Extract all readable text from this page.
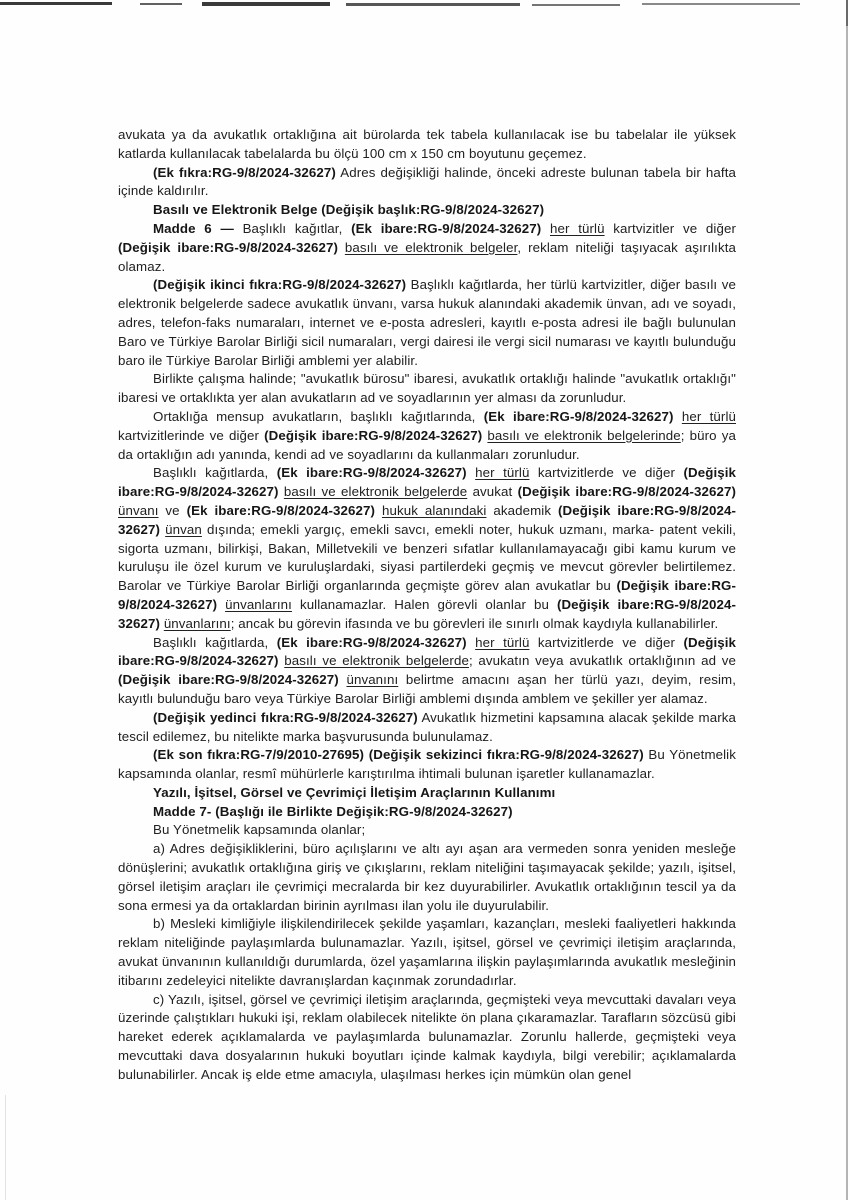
avukata ya da avukatlık ortaklığına ait bürolarda tek tabela kullanılacak ise bu tabelalar ile yüksek katlarda kullanılacak tabelalarda bu ölçü 100 cm x 150 cm boyutunu geçemez.

(Ek fıkra:RG-9/8/2024-32627) Adres değişikliği halinde, önceki adreste bulunan tabela bir hafta içinde kaldırılır.

Basılı ve Elektronik Belge (Değişik başlık:RG-9/8/2024-32627)

Madde 6 — Başlıklı kağıtlar, (Ek ibare:RG-9/8/2024-32627) her türlü kartvizitler ve diğer (Değişik ibare:RG-9/8/2024-32627) basılı ve elektronik belgeler, reklam niteliği taşıyacak aşırılıkta olamaz.

(Değişik ikinci fıkra:RG-9/8/2024-32627) Başlıklı kağıtlarda, her türlü kartvizitler, diğer basılı ve elektronik belgelerde sadece avukatlık ünvanı, varsa hukuk alanındaki akademik ünvan, adı ve soyadı, adres, telefon-faks numaraları, internet ve e-posta adresleri, kayıtlı e-posta adresi ile bağlı bulunulan Baro ve Türkiye Barolar Birliği sicil numaraları, vergi dairesi ile vergi sicil numarası ve kayıtlı bulunduğu baro ile Türkiye Barolar Birliği amblemi yer alabilir.

Birlikte çalışma halinde; "avukatlık bürosu" ibaresi, avukatlık ortaklığı halinde "avukatlık ortaklığı" ibaresi ve ortaklıkta yer alan avukatların ad ve soyadlarının yer alması da zorunludur.

Ortaklığa mensup avukatların, başlıklı kağıtlarında, (Ek ibare:RG-9/8/2024-32627) her türlü kartvizitlerinde ve diğer (Değişik ibare:RG-9/8/2024-32627) basılı ve elektronik belgelerinde; büro ya da ortaklığın adı yanında, kendi ad ve soyadlarını da kullanmaları zorunludur.

Başlıklı kağıtlarda, (Ek ibare:RG-9/8/2024-32627) her türlü kartvizitlerde ve diğer (Değişik ibare:RG-9/8/2024-32627) basılı ve elektronik belgelerde avukat (Değişik ibare:RG-9/8/2024-32627) ünvanı ve (Ek ibare:RG-9/8/2024-32627) hukuk alanındaki akademik (Değişik ibare:RG-9/8/2024-32627) ünvan dışında; emekli yargıç, emekli savcı, emekli noter, hukuk uzmanı, marka- patent vekili, sigorta uzmanı, bilirkişi, Bakan, Milletvekili ve benzeri sıfatlar kullanılamayacağı gibi kamu kurum ve kuruluşu ile özel kurum ve kuruluşlardaki, siyasi partilerdeki geçmiş ve mevcut görevler belirtilemez. Barolar ve Türkiye Barolar Birliği organlarında geçmişte görev alan avukatlar bu (Değişik ibare:RG-9/8/2024-32627) ünvanlarını kullanamazlar. Halen görevli olanlar bu (Değişik ibare:RG-9/8/2024-32627) ünvanlarını; ancak bu görevin ifasında ve bu görevleri ile sınırlı olmak kaydıyla kullanabilirler.

Başlıklı kağıtlarda, (Ek ibare:RG-9/8/2024-32627) her türlü kartvizitlerde ve diğer (Değişik ibare:RG-9/8/2024-32627) basılı ve elektronik belgelerde; avukatın veya avukatlık ortaklığının ad ve (Değişik ibare:RG-9/8/2024-32627) ünvanını belirtme amacını aşan her türlü yazı, deyim, resim, kayıtlı bulunduğu baro veya Türkiye Barolar Birliği amblemi dışında amblem ve şekiller yer alamaz.

(Değişik yedinci fıkra:RG-9/8/2024-32627) Avukatlık hizmetini kapsamına alacak şekilde marka tescil edilemez, bu nitelikte marka başvurusunda bulunulamaz.

(Ek son fıkra:RG-7/9/2010-27695) (Değişik sekizinci fıkra:RG-9/8/2024-32627) Bu Yönetmelik kapsamında olanlar, resmî mühürlerle karıştırılma ihtimali bulunan işaretler kullanamazlar.

Yazılı, İşitsel, Görsel ve Çevrimiçi İletişim Araçlarının Kullanımı

Madde 7- (Başlığı ile Birlikte Değişik:RG-9/8/2024-32627)

Bu Yönetmelik kapsamında olanlar;

a) Adres değişikliklerini, büro açılışlarını ve altı ayı aşan ara vermeden sonra yeniden mesleğe dönüşlerini; avukatlık ortaklığına giriş ve çıkışlarını, reklam niteliğini taşımayacak şekilde; yazılı, işitsel, görsel iletişim araçları ile çevrimiçi mecralarda bir kez duyurabilirler. Avukatlık ortaklığının tescil ya da sona ermesi ya da ortaklardan birinin ayrılması ilan yolu ile duyurulabilir.

b) Mesleki kimliğiyle ilişkilendirilecek şekilde yaşamları, kazançları, mesleki faaliyetleri hakkında reklam niteliğinde paylaşımlarda bulunamazlar. Yazılı, işitsel, görsel ve çevrimiçi iletişim araçlarında, avukat ünvanının kullanıldığı durumlarda, özel yaşamlarına ilişkin paylaşımlarında avukatlık mesleğinin itibarını zedeleyici nitelikte davranışlardan kaçınmak zorundadırlar.

c) Yazılı, işitsel, görsel ve çevrimiçi iletişim araçlarında, geçmişteki veya mevcuttaki davaları veya üzerinde çalıştıkları hukuki işi, reklam olabilecek nitelikte ön plana çıkaramazlar. Tarafların sözcüsü gibi hareket ederek açıklamalarda ve paylaşımlarda bulunamazlar. Zorunlu hallerde, geçmişteki veya mevcuttaki dava dosyalarının hukuki boyutları içinde kalmak kaydıyla, bilgi verebilir; açıklamalarda bulunabilirler. Ancak iş elde etme amacıyla, ulaşılması herkes için mümkün olan genel
